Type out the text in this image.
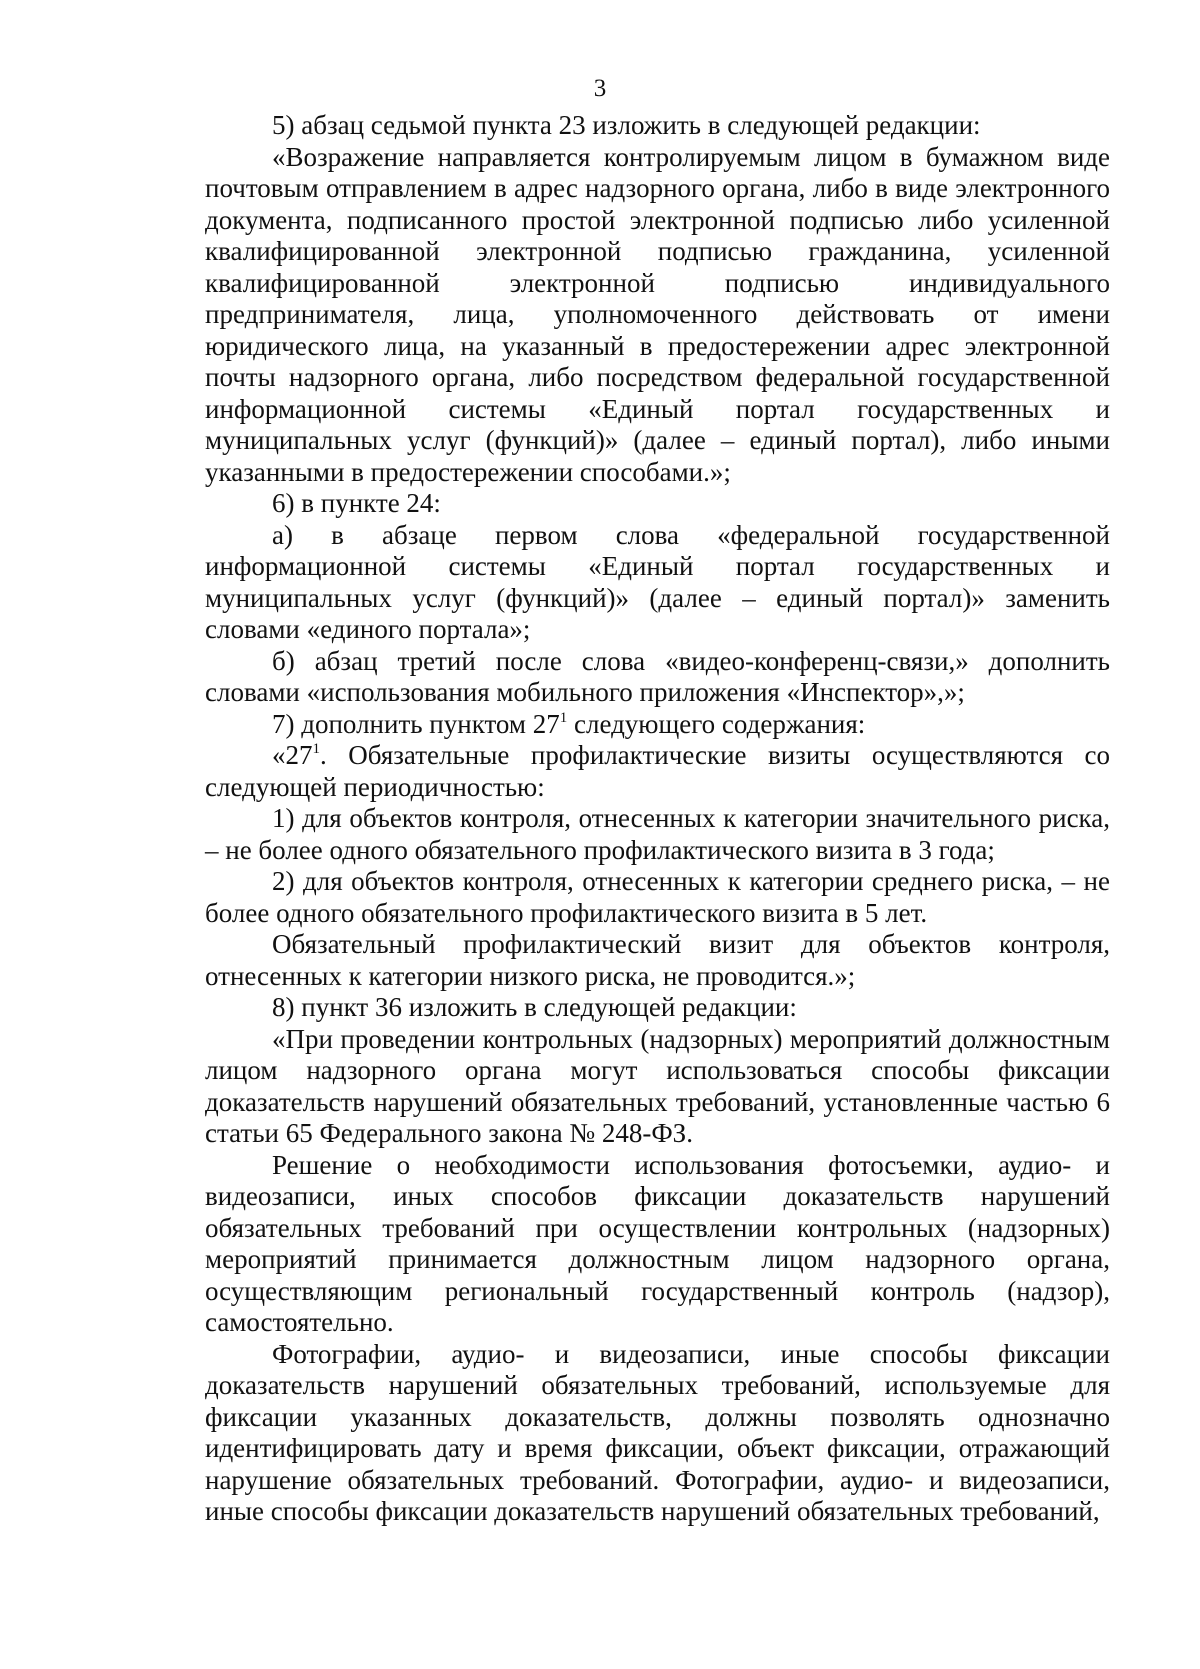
3

5) абзац седьмой пункта 23 изложить в следующей редакции:

«Возражение направляется контролируемым лицом в бумажном виде почтовым отправлением в адрес надзорного органа, либо в виде электронного документа, подписанного простой электронной подписью либо усиленной квалифицированной электронной подписью гражданина, усиленной квалифицированной электронной подписью индивидуального предпринимателя, лица, уполномоченного действовать от имени юридического лица, на указанный в предостережении адрес электронной почты надзорного органа, либо посредством федеральной государственной информационной системы «Единый портал государственных и муниципальных услуг (функций)» (далее – единый портал), либо иными указанными в предостережении способами.»;

6) в пункте 24:

а) в абзаце первом слова «федеральной государственной информационной системы «Единый портал государственных и муниципальных услуг (функций)» (далее – единый портал)» заменить словами «единого портала»;

б) абзац третий после слова «видео-конференц-связи,» дополнить словами «использования мобильного приложения «Инспектор»,»;

7) дополнить пунктом $27^1$ следующего содержания:

«$27^1$. Обязательные профилактические визиты осуществляются со следующей периодичностью:

1) для объектов контроля, отнесенных к категории значительного риска, – не более одного обязательного профилактического визита в 3 года;

2) для объектов контроля, отнесенных к категории среднего риска, – не более одного обязательного профилактического визита в 5 лет.

Обязательный профилактический визит для объектов контроля, отнесенных к категории низкого риска, не проводится.»;

8) пункт 36 изложить в следующей редакции:

«При проведении контрольных (надзорных) мероприятий должностным лицом надзорного органа могут использоваться способы фиксации доказательств нарушений обязательных требований, установленные частью 6 статьи 65 Федерального закона № 248-ФЗ.

Решение о необходимости использования фотосъемки, аудио- и видеозаписи, иных способов фиксации доказательств нарушений обязательных требований при осуществлении контрольных (надзорных) мероприятий принимается должностным лицом надзорного органа, осуществляющим региональный государственный контроль (надзор), самостоятельно.

Фотографии, аудио- и видеозаписи, иные способы фиксации доказательств нарушений обязательных требований, используемые для фиксации указанных доказательств, должны позволять однозначно идентифицировать дату и время фиксации, объект фиксации, отражающий нарушение обязательных требований. Фотографии, аудио- и видеозаписи, иные способы фиксации доказательств нарушений обязательных требований,
